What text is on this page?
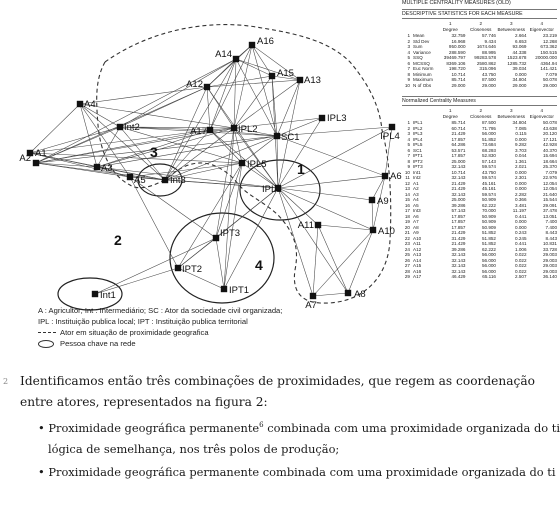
A1
A2
A3
A4
A5	A6
A7
A8
A9
A10
A11
A12	A13
A14
A15
A16
A17
Int1
Int2
Int3
IPL1
IPL2
IPL3
IPL4
IPL5
IPT1
IPT2
IPT3
SC1
1
2
3
4
A : Agricultor; Int : Intermediário; SC : Ator da sociedade civil organizada;
IPL : Instituição publica local; IPT : Instituição publica territorial
Ator em situação de proximidade geografica
Pessoa chave na rede
MULTIPLE CENTRALITY MEASURES (OLD)
DESCRIPTIVE STATISTICS FOR EACH MEASURE
		1	2	3	4
		Degree	Closeness	Betweenness	Eigenvector
1	Mean	32.759	57.746	2.664	23.219
2	Std Dev	16.968	9.434	6.653	12.268
3	Sum	950.000	1674.646	93.069	673.362
4	Variance	288.590	88.995	44.338	150.515
5	SSQ	39469.797	99283.578	1523.678	20000.000
6	MCSSQ	8369.106	2580.862	1285.732	4364.94
7	Euc Norm	198.720	315.096	39.034	141.421
8	Minimum	10.714	43.750	0.000	7.079
9	Maximum	85.714	87.500	34.804	50.078
10	N of Obs	29.000	29.000	29.000	29.000
Normalized Centrality Measures
		1	2	3	4
		Degree	Closeness	Betweenness	Eigenvector
1	IPL1	85.714	87.500	34.804	50.078
2	IPL2	60.714	71.795	7.085	43.638
3	IPL3	21.429	56.000	0.115	20.120
4	IPL4	17.857	51.852	0.000	17.121
5	IPL5	64.286	73.684	9.282	42.928
6	SC1	53.571	68.293	3.703	40.370
7	IPT1	17.857	52.830	0.044	15.694
8	IPT2	25.000	57.143	1.361	18.664
9	IPT3	32.143	59.574	2.021	25.370
10	Int1	10.714	43.750	0.000	7.079
11	Int2	32.143	59.574	2.301	22.976
12	A1	21.429	45.161	0.000	12.054
13	A2	21.429	45.161	0.000	12.054
14	A3	32.143	59.574	2.282	21.640
15	A4	25.000	50.909	0.366	15.544
16	A5	39.286	62.222	3.481	29.091
17	Int3	57.143	70.000	11.197	37.478
18	A6	17.857	50.909	0.441	13.051
19	A7	17.857	50.909	0.000	7.400
20	A8	17.857	50.909	0.000	7.400
21	A9	21.429	51.852	0.243	8.443
22	A10	31.429	51.852	0.245	8.443
23	A11	21.429	51.852	0.441	10.831
24	A12	39.286	62.222	1.006	33.728
25	A13	32.143	56.000	0.022	29.003
26	A14	32.143	56.000	0.022	29.003
27	A15	32.143	56.000	0.022	29.003
28	A16	32.143	56.000	0.022	29.003
29	A17	46.429	65.116	2.507	36.140
2 Identificamos então três combinações de proximidades, que regem as coordenação
entre atores, representados na figura 2:
• Proximidade geográfica permanente$^6$ combinada com uma proximidade organizada do ti
lógica de semelhança, nos três polos de produção;
• Proximidade geográfica permanente combinada com uma proximidade organizada do ti
